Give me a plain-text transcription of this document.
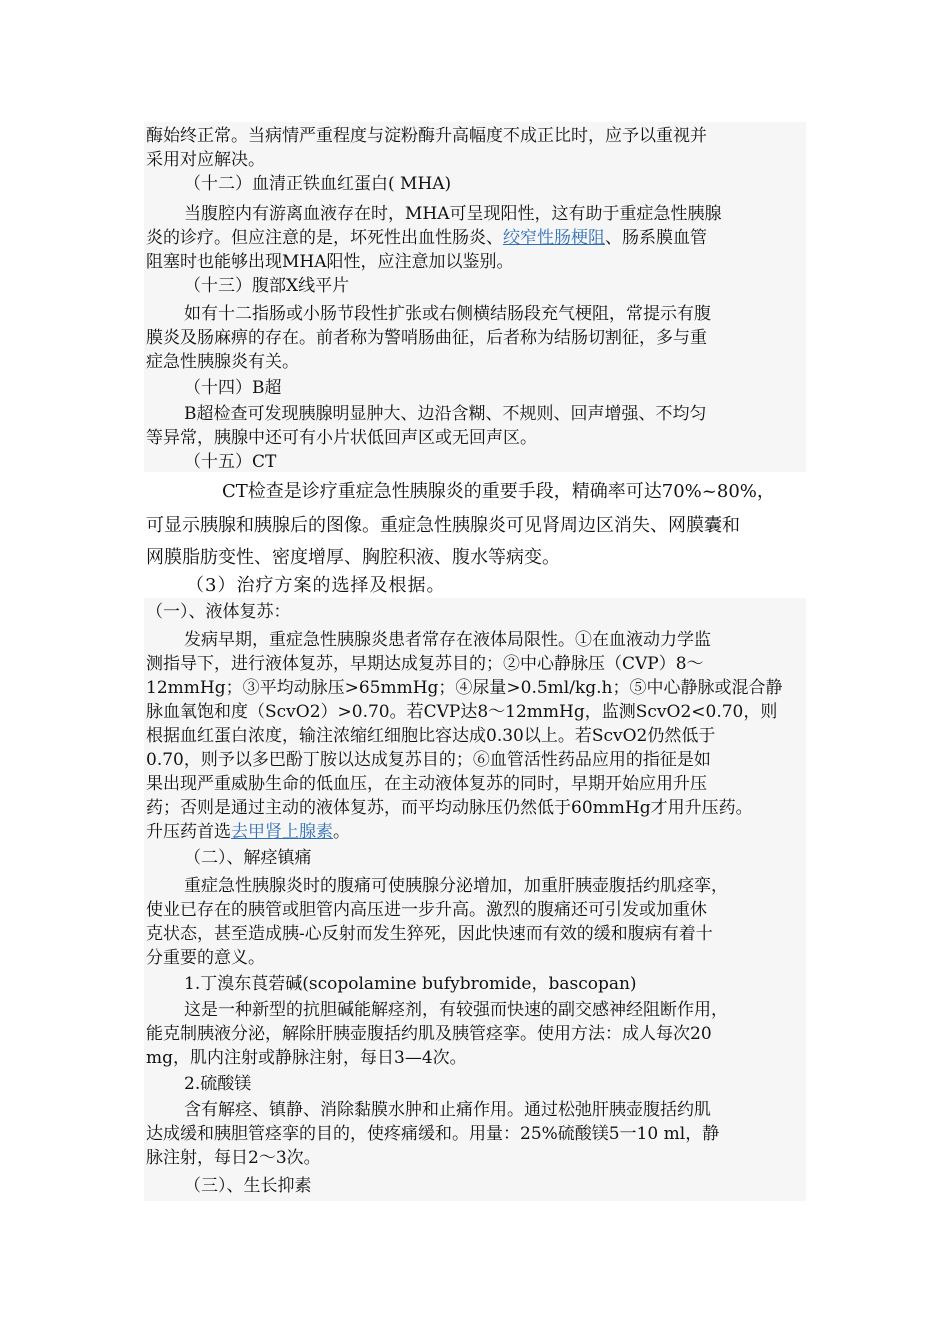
酶始终正常。当病情严重程度与淀粉酶升高幅度不成正比时，应予以重视并
采用对应解决。
（十二）血清正铁血红蛋白( MHA)
当腹腔内有游离血液存在时，MHA可呈现阳性，这有助于重症急性胰腺
炎的诊疗。但应注意的是，坏死性出血性肠炎、绞窄性肠梗阻、肠系膜血管
阻塞时也能够出现MHA阳性，应注意加以鉴别。
（十三）腹部X线平片
如有十二指肠或小肠节段性扩张或右侧横结肠段充气梗阻，常提示有腹
膜炎及肠麻痹的存在。前者称为警哨肠曲征，后者称为结肠切割征，多与重
症急性胰腺炎有关。
（十四）B超
B超检查可发现胰腺明显肿大、边沿含糊、不规则、回声增强、不均匀
等异常，胰腺中还可有小片状低回声区或无回声区。
（十五）CT
CT检查是诊疗重症急性胰腺炎的重要手段，精确率可达70%~80%，
可显示胰腺和胰腺后的图像。重症急性胰腺炎可见肾周边区消失、网膜囊和
网膜脂肪变性、密度增厚、胸腔积液、腹水等病变。
（3）治疗方案的选择及根据。
（一）、液体复苏：
发病早期，重症急性胰腺炎患者常存在液体局限性。①在血液动力学监
测指导下，进行液体复苏，早期达成复苏目的；②中心静脉压（CVP）8～
12mmHg；③平均动脉压>65mmHg；④尿量>0.5ml/kg.h；⑤中心静脉或混合静
脉血氧饱和度（ScvO2）>0.70。若CVP达8～12mmHg，监测ScvO2<0.70，则
根据血红蛋白浓度，输注浓缩红细胞比容达成0.30以上。若ScvO2仍然低于
0.70，则予以多巴酚丁胺以达成复苏目的；⑥血管活性药品应用的指征是如
果出现严重威胁生命的低血压，在主动液体复苏的同时，早期开始应用升压
药；否则是通过主动的液体复苏，而平均动脉压仍然低于60mmHg才用升压药。
升压药首选去甲肾上腺素。
（二）、解痉镇痛
重症急性胰腺炎时的腹痛可使胰腺分泌增加，加重肝胰壶腹括约肌痉挛，
使业已存在的胰管或胆管内高压进一步升高。激烈的腹痛还可引发或加重休
克状态，甚至造成胰-心反射而发生猝死，因此快速而有效的缓和腹病有着十
分重要的意义。
1.丁溴东莨菪碱(scopolamine bufybromide，bascopan)
这是一种新型的抗胆碱能解痉剂，有较强而快速的副交感神经阻断作用，
能克制胰液分泌，解除肝胰壶腹括约肌及胰管痉挛。使用方法：成人每次20
mg，肌内注射或静脉注射，每日3—4次。
2.硫酸镁
含有解痉、镇静、消除黏膜水肿和止痛作用。通过松弛肝胰壶腹括约肌
达成缓和胰胆管痉挛的目的，使疼痛缓和。用量：25%硫酸镁5一10 ml，静
脉注射，每日2～3次。
（三）、生长抑素
